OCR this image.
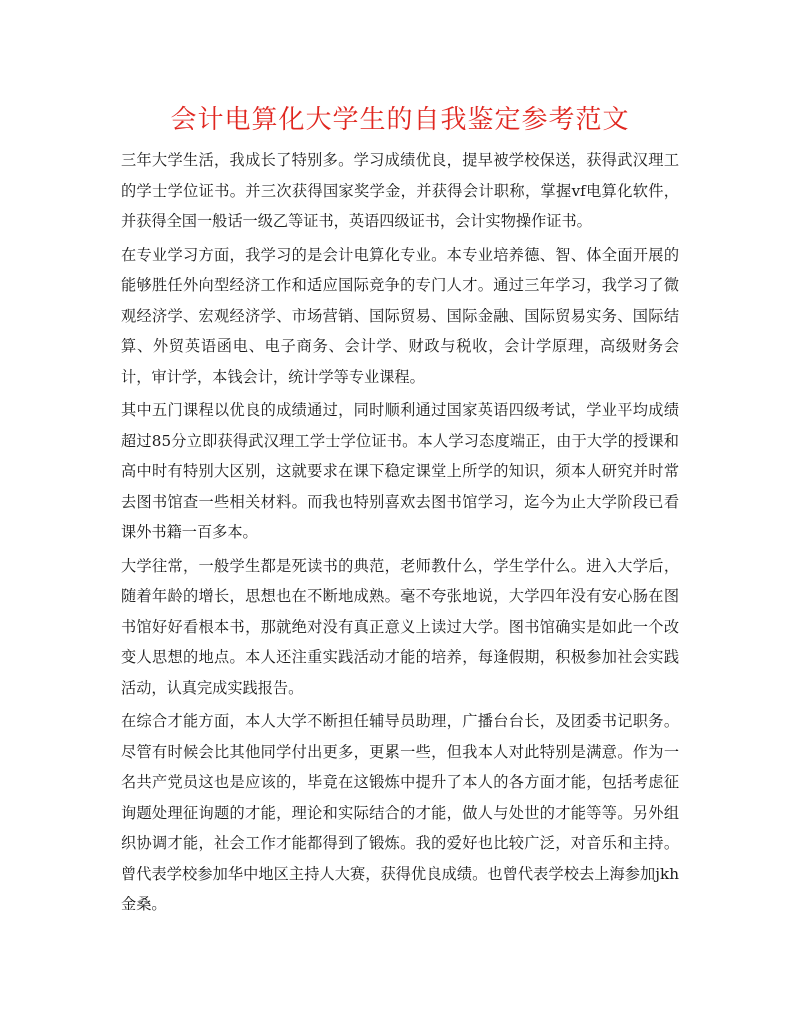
会计电算化大学生的自我鉴定参考范文

三年大学生活，我成长了特别多。学习成绩优良，提早被学校保送，获得武汉理工的学士学位证书。并三次获得国家奖学金，并获得会计职称，掌握vf电算化软件，并获得全国一般话一级乙等证书，英语四级证书，会计实物操作证书。

在专业学习方面，我学习的是会计电算化专业。本专业培养德、智、体全面开展的能够胜任外向型经济工作和适应国际竞争的专门人才。通过三年学习，我学习了微观经济学、宏观经济学、市场营销、国际贸易、国际金融、国际贸易实务、国际结算、外贸英语函电、电子商务、会计学、财政与税收，会计学原理，高级财务会计，审计学，本钱会计，统计学等专业课程。

其中五门课程以优良的成绩通过，同时顺利通过国家英语四级考试，学业平均成绩超过85分立即获得武汉理工学士学位证书。本人学习态度端正，由于大学的授课和高中时有特别大区别，这就要求在课下稳定课堂上所学的知识，须本人研究并时常去图书馆查一些相关材料。而我也特别喜欢去图书馆学习，迄今为止大学阶段已看课外书籍一百多本。

大学往常，一般学生都是死读书的典范，老师教什么，学生学什么。进入大学后，随着年龄的增长，思想也在不断地成熟。毫不夸张地说，大学四年没有安心肠在图书馆好好看根本书，那就绝对没有真正意义上读过大学。图书馆确实是如此一个改变人思想的地点。本人还注重实践活动才能的培养，每逢假期，积极参加社会实践活动，认真完成实践报告。

在综合才能方面，本人大学不断担任辅导员助理，广播台台长，及团委书记职务。尽管有时候会比其他同学付出更多，更累一些，但我本人对此特别是满意。作为一名共产党员这也是应该的，毕竟在这锻炼中提升了本人的各方面才能，包括考虑征询题处理征询题的才能，理论和实际结合的才能，做人与处世的才能等等。另外组织协调才能，社会工作才能都得到了锻炼。我的爱好也比较广泛，对音乐和主持。曾代表学校参加华中地区主持人大赛，获得优良成绩。也曾代表学校去上海参加jkh金桑。
